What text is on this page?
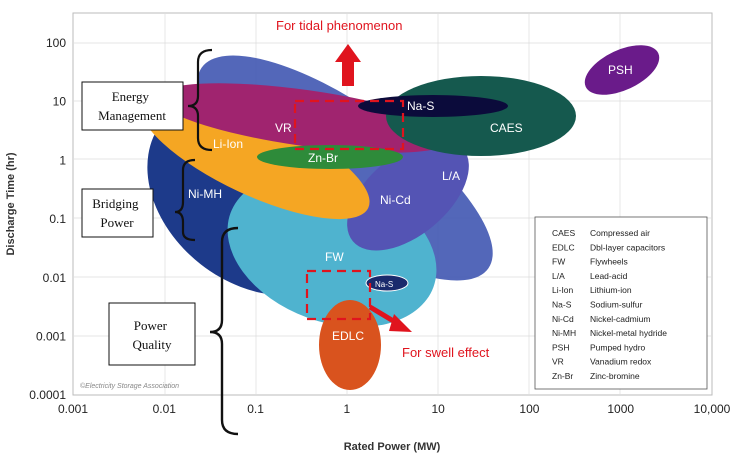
L/A
Ni-MH
FW
Ni-Cd
Li-Ion
VR
Zn-Br
CAES
Na-S
Na-S
EDLC
PSH
For tidal phenomenon
For swell effect
Energy Management
Bridging Power
Power Quality
©Electricity Storage Association
CAES Compressed air
EDLC Dbl-layer capacitors
FW	Flywheels
L/A	Lead-acid
Li-Ion Lithium-ion
Na-S Sodium-sulfur
Ni-Cd Nickel-cadmium
Ni-MH Nickel-metal hydride
PSH Pumped hydro
VR	Vanadium redox
Zn-Br Zinc-bromine
0.0001
0.001
0.01
0.1
1
10
100
0.001	0.01	0.1	1	10	100	1000	10,000
Discharge Time (hr)
Rated Power (MW)
